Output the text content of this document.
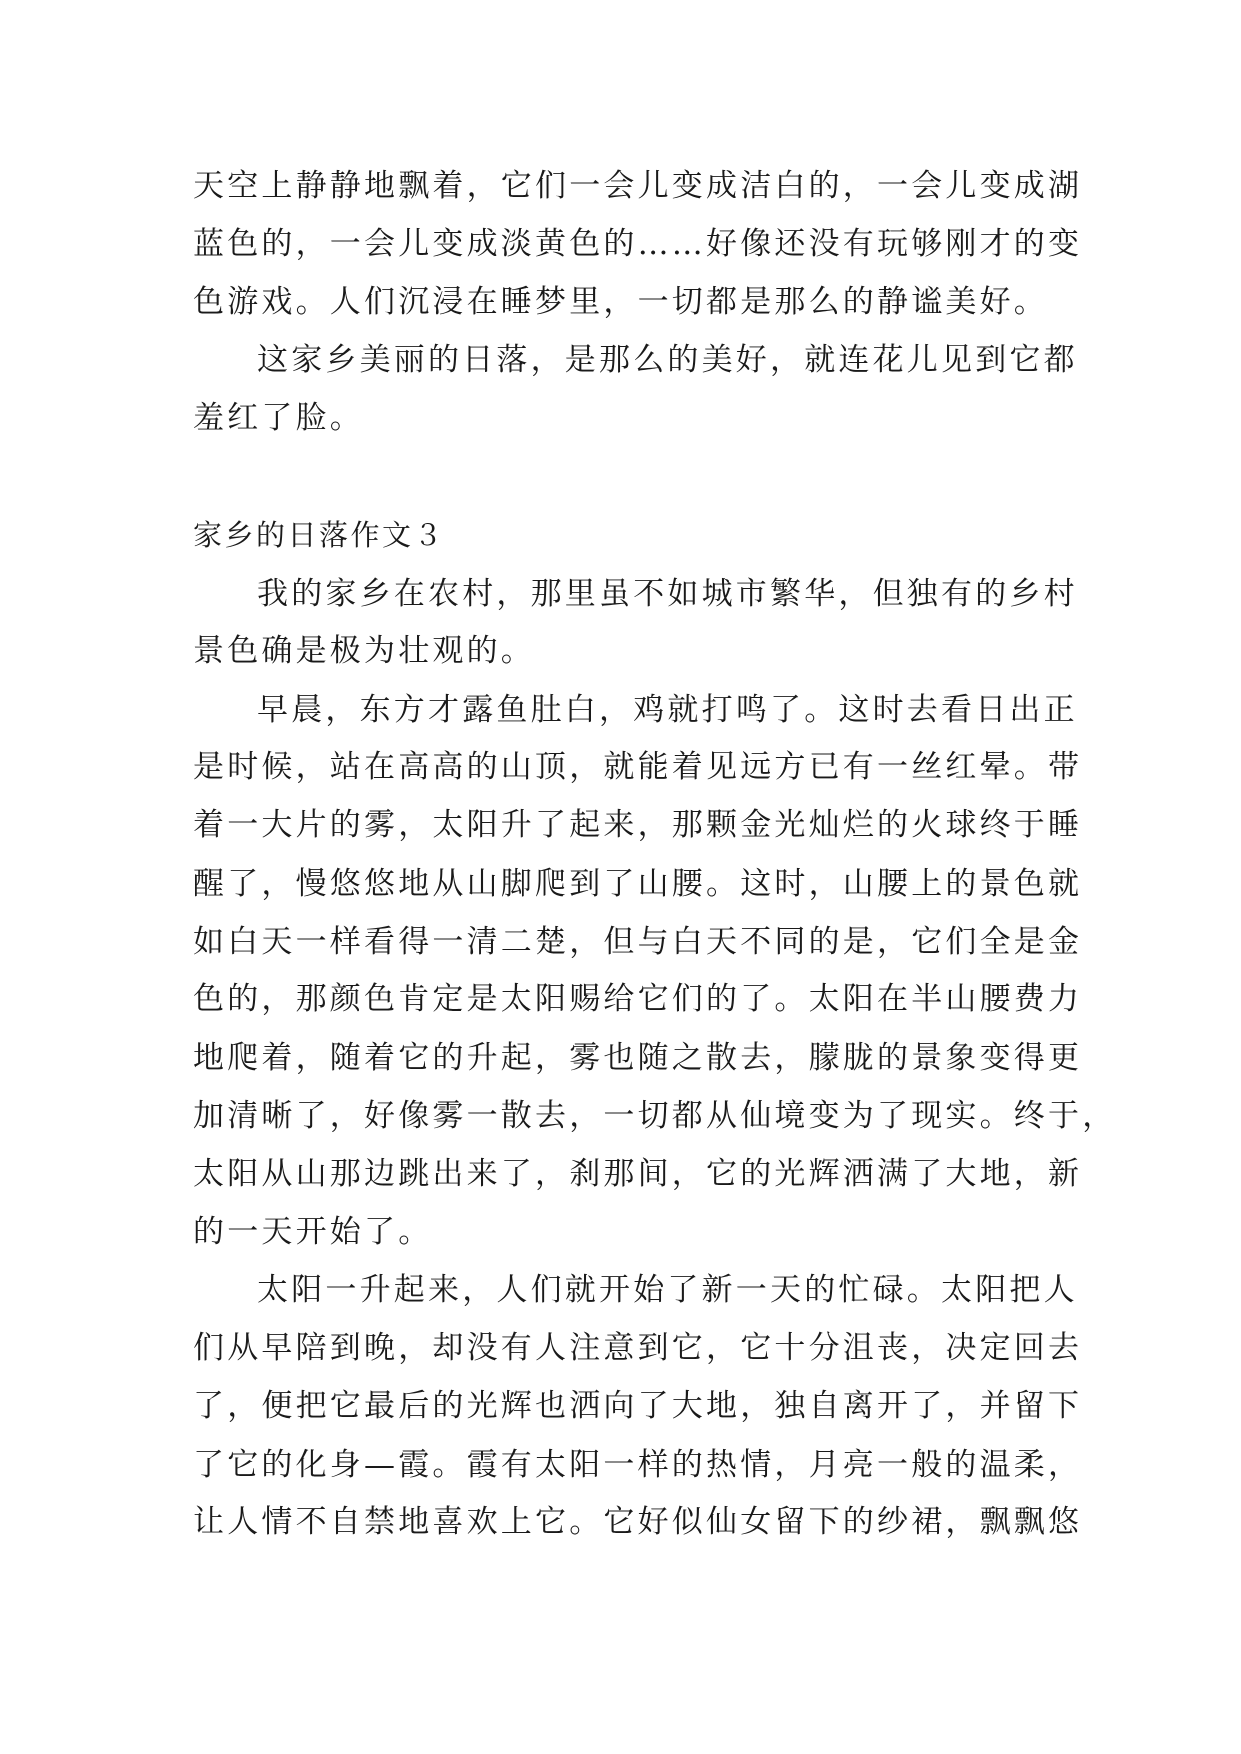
天空上静静地飘着，它们一会儿变成洁白的，一会儿变成湖
蓝色的，一会儿变成淡黄色的……好像还没有玩够刚才的变
色游戏。人们沉浸在睡梦里，一切都是那么的静谧美好。
这家乡美丽的日落，是那么的美好，就连花儿见到它都
羞红了脸。
家乡的日落作文３
我的家乡在农村，那里虽不如城市繁华，但独有的乡村
景色确是极为壮观的。
早晨，东方才露鱼肚白，鸡就打鸣了。这时去看日出正
是时候，站在高高的山顶，就能着见远方已有一丝红晕。带
着一大片的雾，太阳升了起来，那颗金光灿烂的火球终于睡
醒了，慢悠悠地从山脚爬到了山腰。这时，山腰上的景色就
如白天一样看得一清二楚，但与白天不同的是，它们全是金
色的，那颜色肯定是太阳赐给它们的了。太阳在半山腰费力
地爬着，随着它的升起，雾也随之散去，朦胧的景象变得更
加清晰了，好像雾一散去，一切都从仙境变为了现实。终于，
太阳从山那边跳出来了，刹那间，它的光辉洒满了大地，新
的一天开始了。
太阳一升起来，人们就开始了新一天的忙碌。太阳把人
们从早陪到晚，却没有人注意到它，它十分沮丧，决定回去
了，便把它最后的光辉也洒向了大地，独自离开了，并留下
了它的化身—霞。霞有太阳一样的热情，月亮一般的温柔，
让人情不自禁地喜欢上它。它好似仙女留下的纱裙，飘飘悠
